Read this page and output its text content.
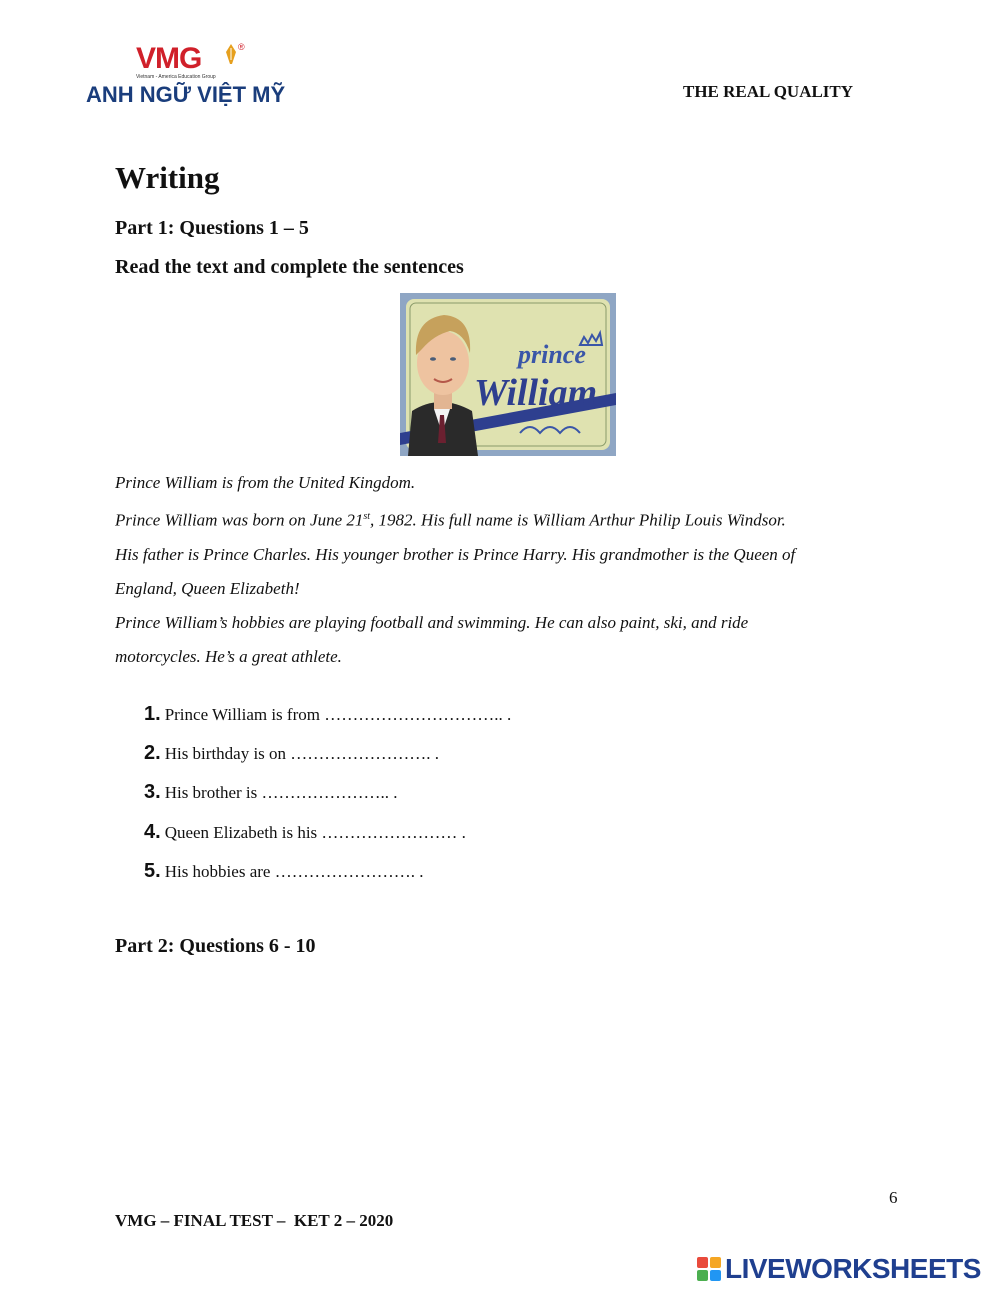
VMG	®
Vietnam - America Education Group
ANH NGỮ VIỆT MỸ	THE REAL QUALITY
Writing
Part 1: Questions 1 – 5
Read the text and complete the sentences
prince
William

Prince William is from the United Kingdom.

Prince William was born on June 21st, 1982. His full name is William Arthur Philip Louis Windsor.

His father is Prince Charles. His younger brother is Prince Harry. His grandmother is the Queen of

England, Queen Elizabeth!

Prince William’s hobbies are playing football and swimming. He can also paint, ski, and ride

motorcycles. He’s a great athlete.

1. Prince William is from ………………………….. .
2. His birthday is on ……………………. .
3. His brother is ………………….. .
4. Queen Elizabeth is his …………………… .
5. His hobbies are ……………………. .
Part 2: Questions 6 - 10
6
VMG – FINAL TEST –  KET 2 – 2020
LIVEWORKSHEETS
